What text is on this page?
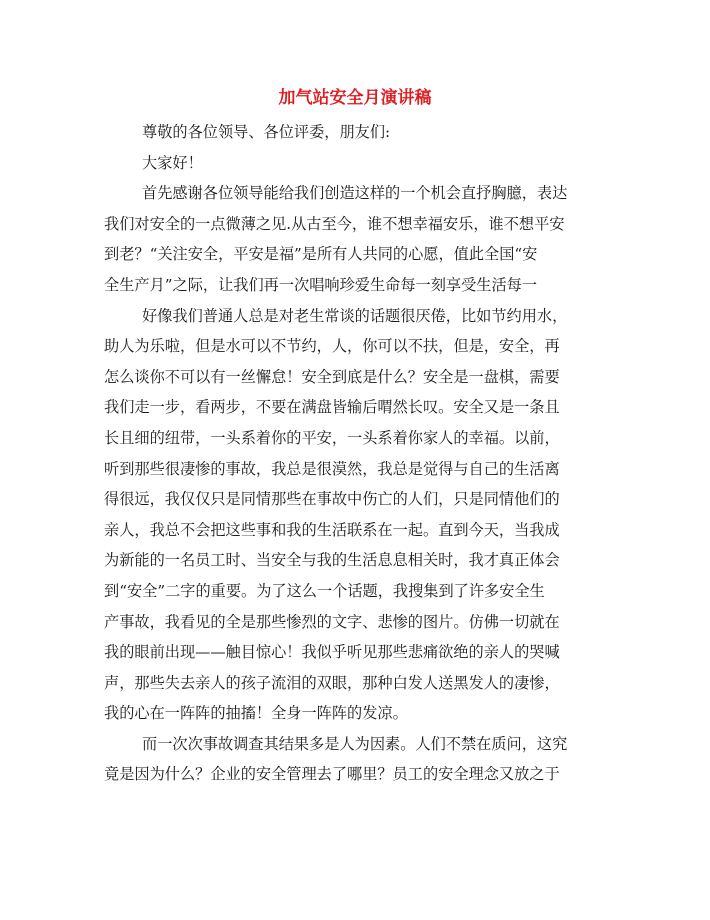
加气站安全月演讲稿
尊敬的各位领导、各位评委，朋友们:
大家好！
首先感谢各位领导能给我们创造这样的一个机会直抒胸臆，表达
我们对安全的一点微薄之见.从古至今，谁不想幸福安乐，谁不想平安
到老？“关注安全，平安是福”是所有人共同的心愿，值此全国“安
全生产月”之际，让我们再一次唱响珍爱生命每一刻享受生活每一
好像我们普通人总是对老生常谈的话题很厌倦，比如节约用水，
助人为乐啦，但是水可以不节约，人，你可以不扶，但是，安全，再
怎么谈你不可以有一丝懈怠！安全到底是什么？安全是一盘棋，需要
我们走一步，看两步，不要在满盘皆输后喟然长叹。安全又是一条且
长且细的纽带，一头系着你的平安，一头系着你家人的幸福。以前，
听到那些很凄惨的事故，我总是很漠然，我总是觉得与自己的生活离
得很远，我仅仅只是同情那些在事故中伤亡的人们，只是同情他们的
亲人，我总不会把这些事和我的生活联系在一起。直到今天，当我成
为新能的一名员工时、当安全与我的生活息息相关时，我才真正体会
到“安全”二字的重要。为了这么一个话题，我搜集到了许多安全生
产事故，我看见的全是那些惨烈的文字、悲惨的图片。仿佛一切就在
我的眼前出现——触目惊心！我似乎听见那些悲痛欲绝的亲人的哭喊
声，那些失去亲人的孩子流泪的双眼，那种白发人送黑发人的凄惨，
我的心在一阵阵的抽搐！全身一阵阵的发凉。
而一次次事故调查其结果多是人为因素。人们不禁在质问，这究
竟是因为什么？企业的安全管理去了哪里？员工的安全理念又放之于
